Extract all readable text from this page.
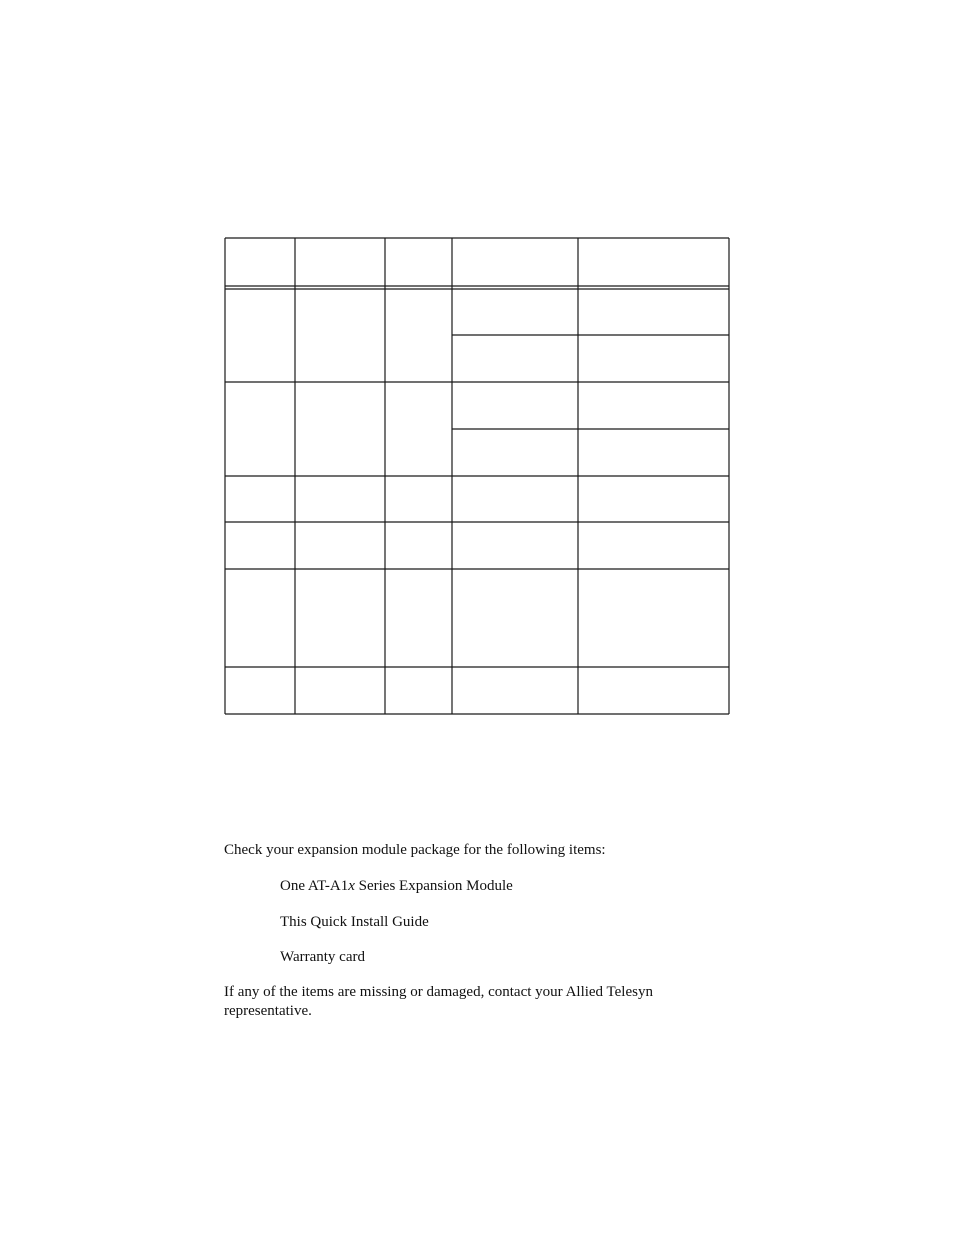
Check your expansion module package for the following items:
One AT-A1x Series Expansion Module
This Quick Install Guide
Warranty card
If any of the items are missing or damaged, contact your Allied Telesyn
representative.
